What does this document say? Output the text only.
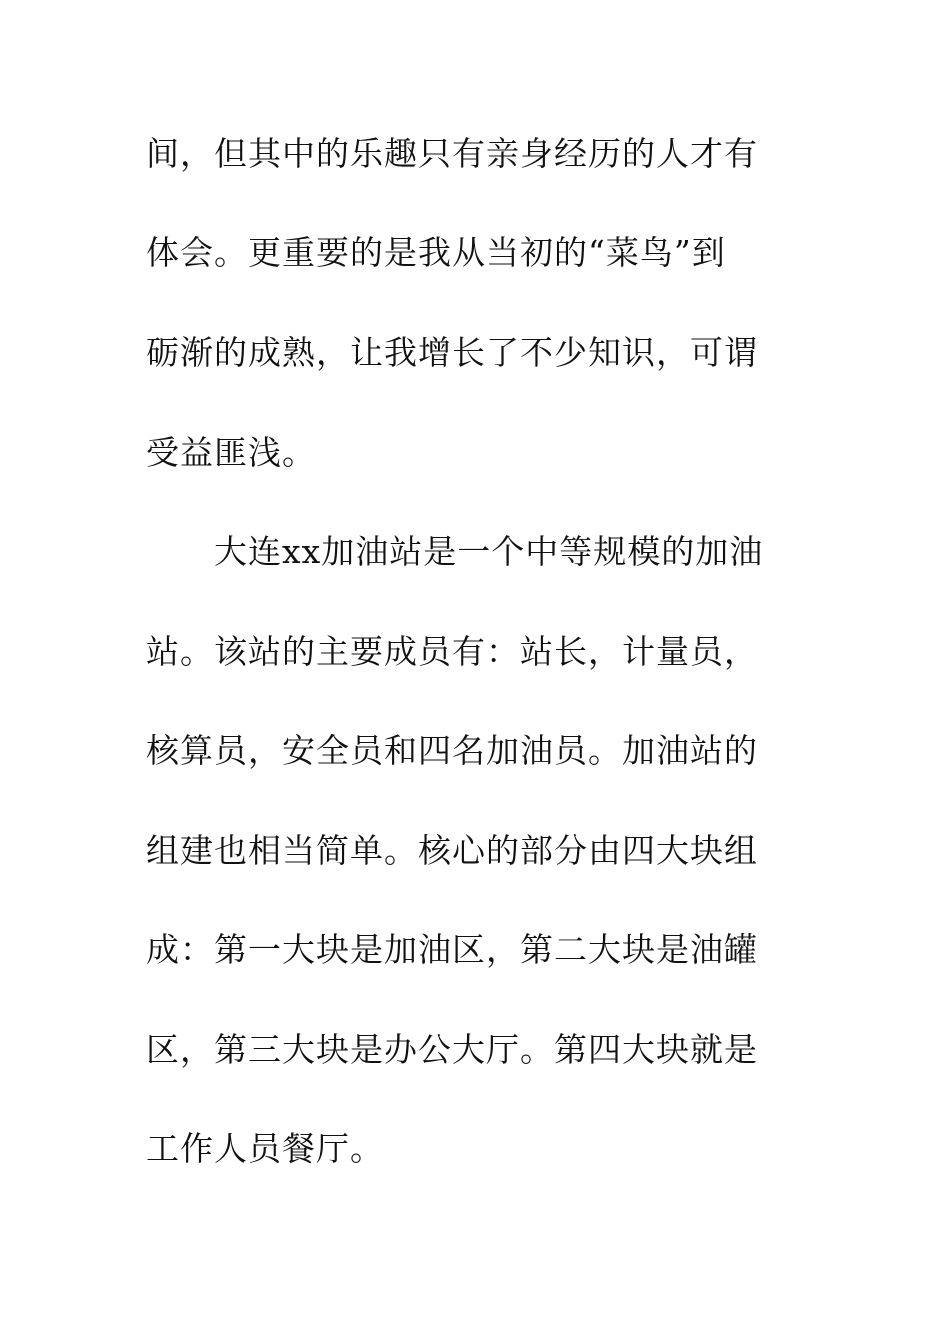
间，但其中的乐趣只有亲身经历的人才有
体会。更重要的是我从当初的“菜鸟”到
砺渐的成熟，让我增长了不少知识，可谓
受益匪浅。
大连xx加油站是一个中等规模的加油
站。该站的主要成员有：站长，计量员，
核算员，安全员和四名加油员。加油站的
组建也相当简单。核心的部分由四大块组
成：第一大块是加油区，第二大块是油罐
区，第三大块是办公大厅。第四大块就是
工作人员餐厅。
